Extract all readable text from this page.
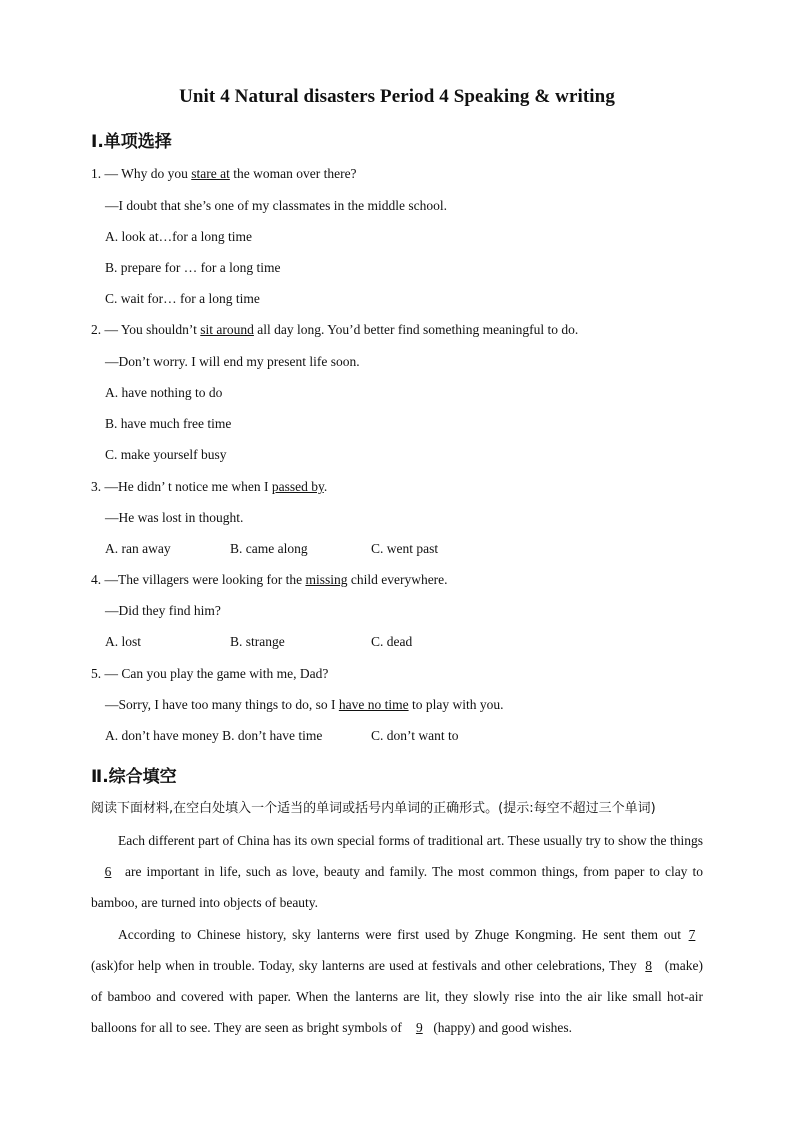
Unit 4 Natural disasters Period 4 Speaking & writing
Ⅰ.单项选择
1. — Why do you stare at the woman over there?
—I doubt that she’s one of my classmates in the middle school.
A. look at…for a long time
B. prepare for … for a long time
C. wait for… for a long time
2. — You shouldn’t sit around all day long. You’d better find something meaningful to do.
—Don’t worry. I will end my present life soon.
A. have nothing to do
B. have much free time
C. make yourself busy
3. —He didn’ t notice me when I passed by.
—He was lost in thought.
A. ran away	B. came along	C. went past
4. —The villagers were looking for the missing child everywhere.
—Did they find him?
A. lost	B. strange	C. dead
5. — Can you play the game with me, Dad?
—Sorry, I have too many things to do, so I have no time to play with you.
A. don’t have money B. don’t have time	C. don’t want to
Ⅱ.综合填空
阅读下面材料,在空白处填入一个适当的单词或括号内单词的正确形式。(提示:每空不超过三个单词)
Each different part of China has its own special forms of traditional art. These usually try to show the things6 are important in life, such as love, beauty and family. The most common things, from paper to clay to bamboo, are turned into objects of beauty.
According to Chinese history, sky lanterns were first used by Zhuge Kongming. He sent them out 7 (ask)for help when in trouble. Today, sky lanterns are used at festivals and other celebrations, They 8 (make) of bamboo and covered with paper. When the lanterns are lit, they slowly rise into the air like small hot-air balloons for all to see. They are seen as bright symbols of 9 (happy) and good wishes.
